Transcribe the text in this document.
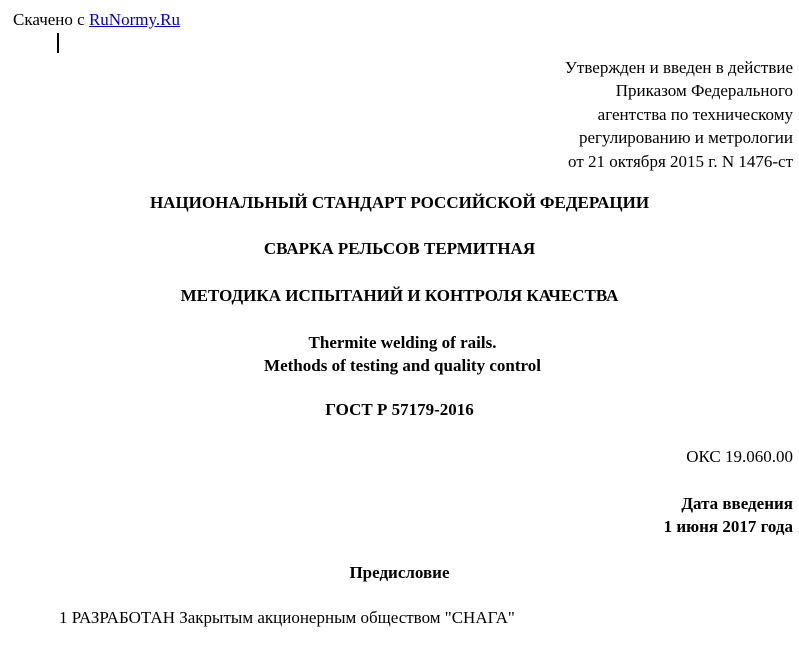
Скачено с RuNormy.Ru
Утвержден и введен в действие
Приказом Федерального
агентства по техническому
регулированию и метрологии
от 21 октября 2015 г. N 1476-ст
НАЦИОНАЛЬНЫЙ СТАНДАРТ РОССИЙСКОЙ ФЕДЕРАЦИИ
СВАРКА РЕЛЬСОВ ТЕРМИТНАЯ
МЕТОДИКА ИСПЫТАНИЙ И КОНТРОЛЯ КАЧЕСТВА
Thermite welding of rails.
Methods of testing and quality control
ГОСТ Р 57179-2016
ОКС 19.060.00
Дата введения
1 июня 2017 года
Предисловие
1 РАЗРАБОТАН Закрытым акционерным обществом "СНАГА"
